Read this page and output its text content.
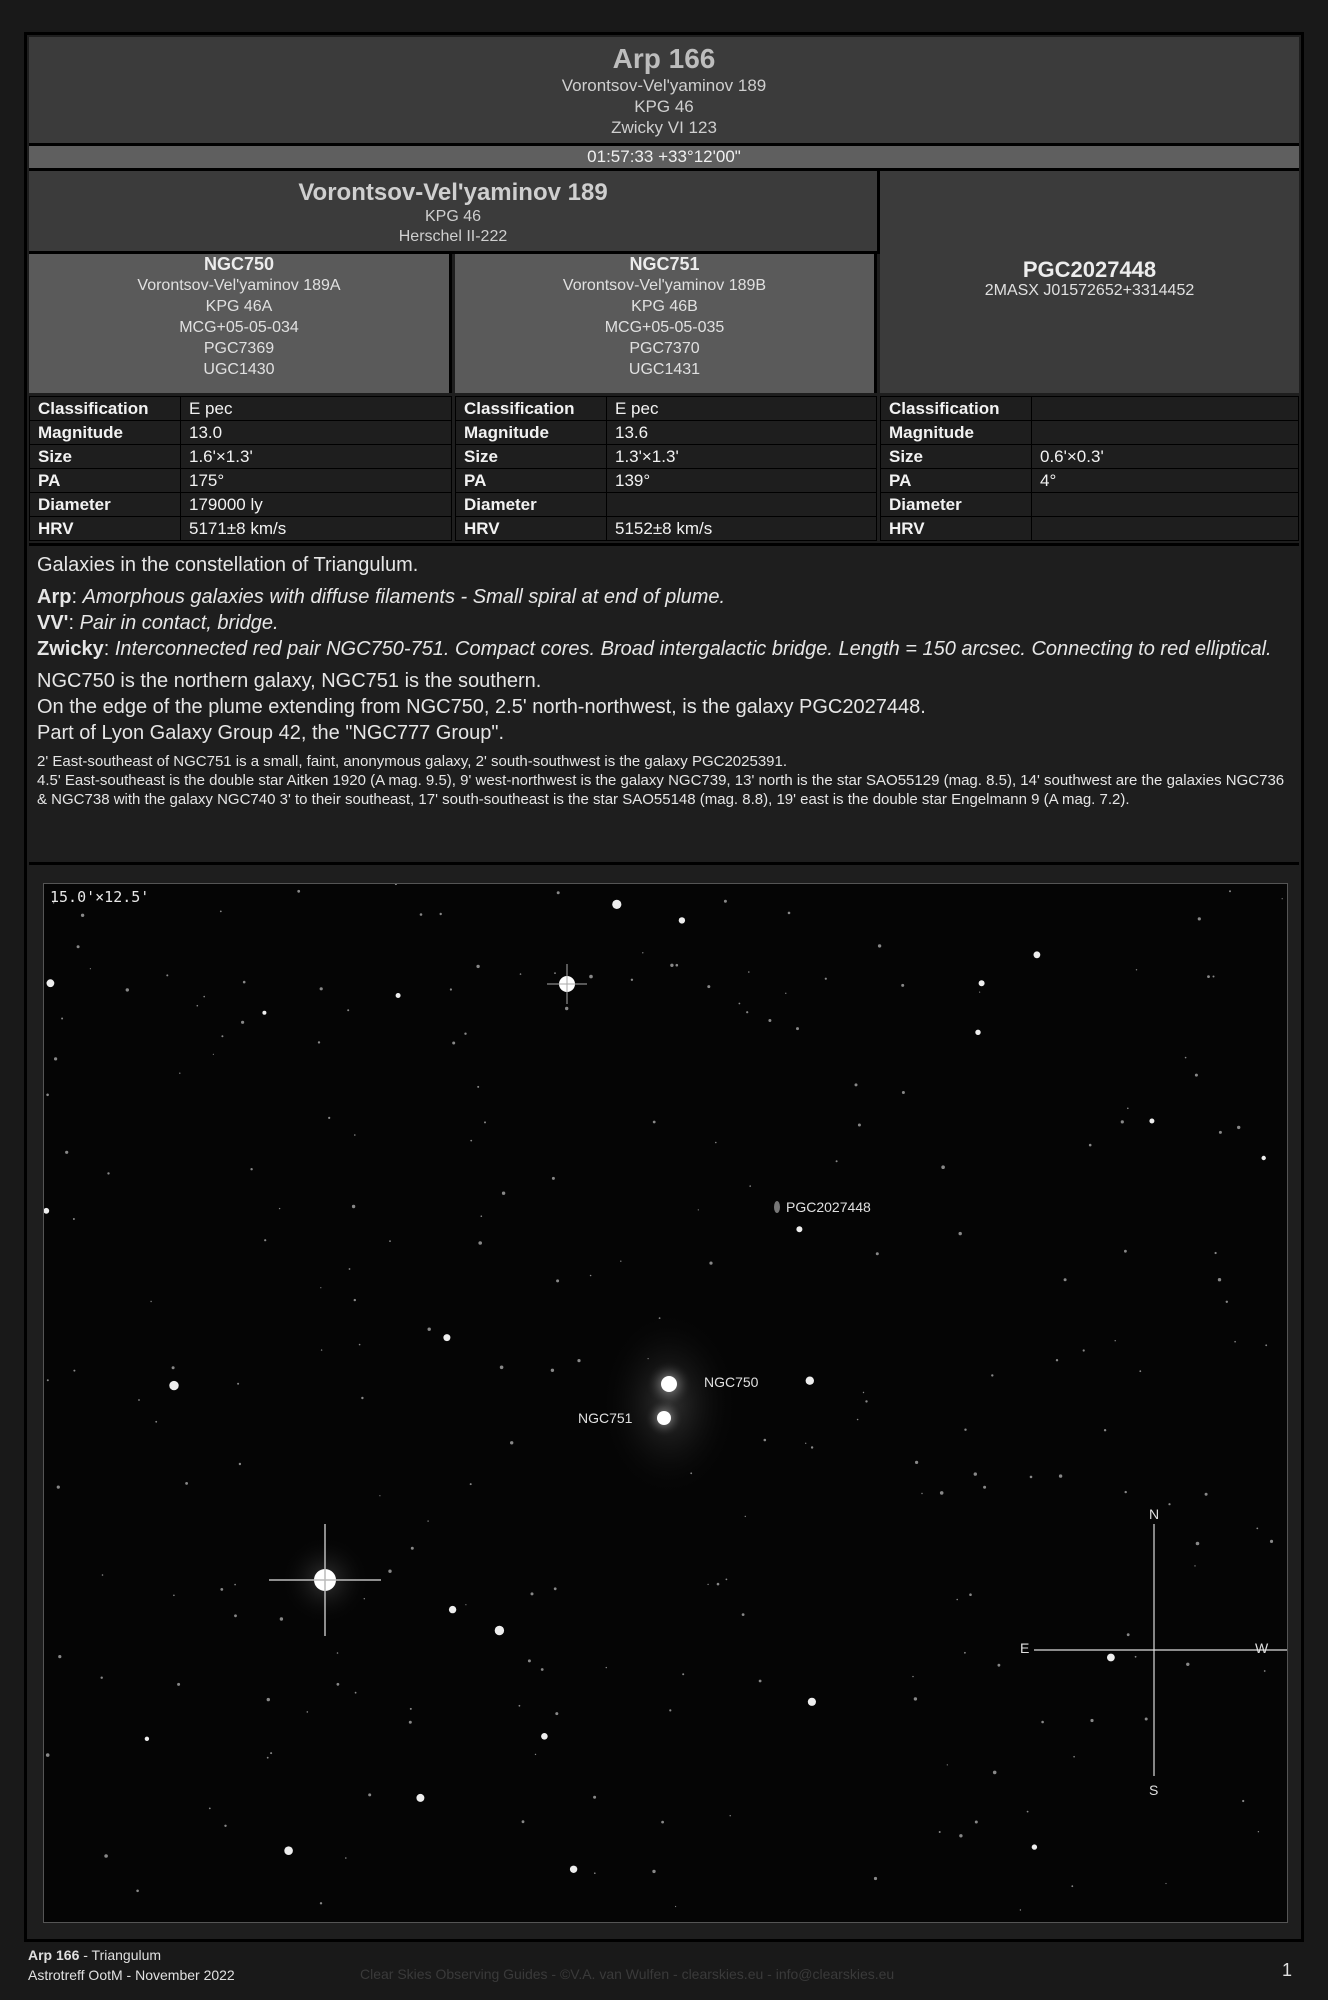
Arp 166
Vorontsov-Vel'yaminov 189
KPG 46
Zwicky VI 123
01:57:33 +33°12'00"
Vorontsov-Vel'yaminov 189
KPG 46
Herschel II-222
NGC750
Vorontsov-Vel'yaminov 189A
KPG 46A
MCG+05-05-034
PGC7369
UGC1430
NGC751
Vorontsov-Vel'yaminov 189B
KPG 46B
MCG+05-05-035
PGC7370
UGC1431
PGC2027448
2MASX J01572652+3314452
Classification	E pec
Magnitude	13.0
Size	1.6'×1.3'
PA	175°
Diameter	179000 ly
HRV	5171±8 km/s
Classification	E pec
Magnitude	13.6
Size	1.3'×1.3'
PA	139°
Diameter	
HRV	5152±8 km/s
Classification	
Magnitude	
Size	0.6'×0.3'
PA	4°
Diameter	
HRV	

Galaxies in the constellation of Triangulum.

Arp: Amorphous galaxies with diffuse filaments - Small spiral at end of plume.

VV': Pair in contact, bridge.

Zwicky: Interconnected red pair NGC750-751. Compact cores. Broad intergalactic bridge. Length = 150 arcsec. Connecting to red elliptical.

NGC750 is the northern galaxy, NGC751 is the southern.

On the edge of the plume extending from NGC750, 2.5' north-northwest, is the galaxy PGC2027448.

Part of Lyon Galaxy Group 42, the "NGC777 Group".

2' East-southeast of NGC751 is a small, faint, anonymous galaxy, 2' south-southwest is the galaxy PGC2025391.

4.5' East-southeast is the double star Aitken 1920 (A mag. 9.5), 9' west-northwest is the galaxy NGC739, 13' north is the star SAO55129 (mag. 8.5), 14' southwest are the galaxies NGC736 & NGC738 with the galaxy NGC740 3' to their southeast, 17' south-southeast is the star SAO55148 (mag. 8.8), 19' east is the double star Engelmann 9 (A mag. 7.2).

15.0'×12.5'
PGC2027448
NGC750
NGC751
N
S
E	W
Arp 166 - Triangulum
Astrotreff OotM - November 2022	Clear Skies Observing Guides - ©V.A. van Wulfen - clearskies.eu - info@clearskies.eu	1
